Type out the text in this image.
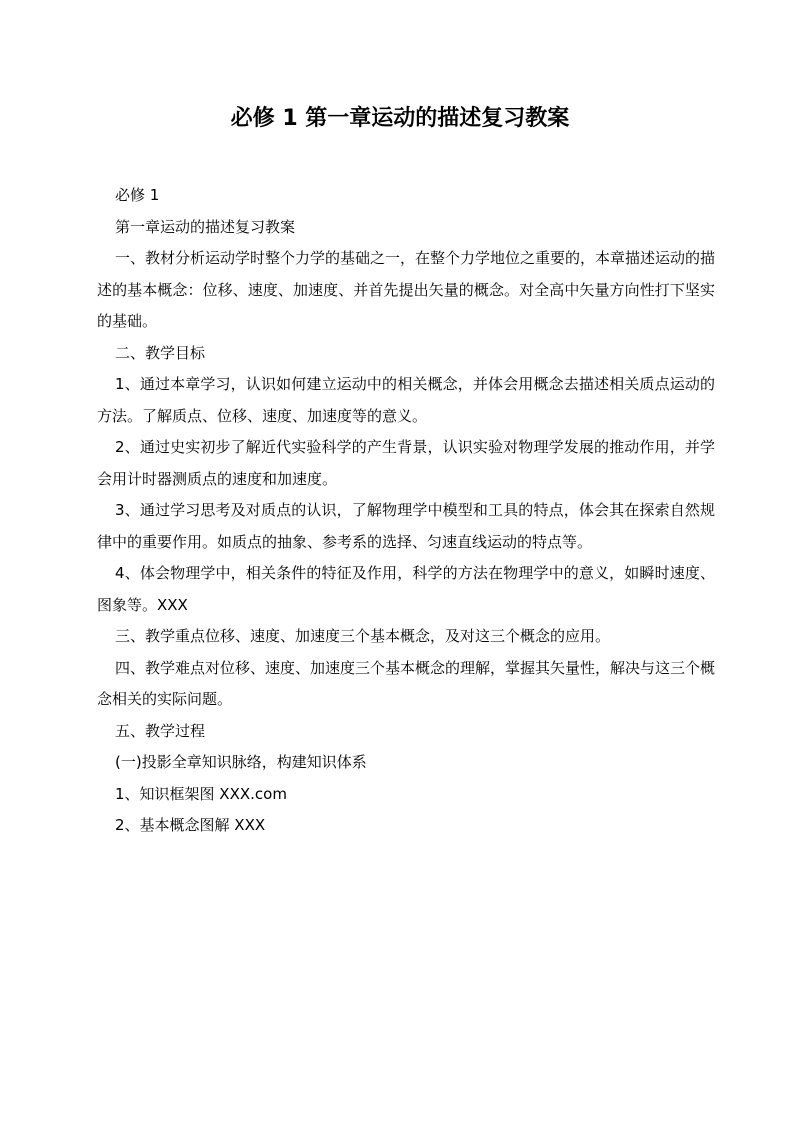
必修 1 第一章运动的描述复习教案

必修 1

第一章运动的描述复习教案

一、教材分析运动学时整个力学的基础之一，在整个力学地位之重要的，本章描述运动的描述的基本概念：位移、速度、加速度、并首先提出矢量的概念。对全高中矢量方向性打下坚实的基础。

二、教学目标

1、通过本章学习，认识如何建立运动中的相关概念，并体会用概念去描述相关质点运动的方法。了解质点、位移、速度、加速度等的意义。

2、通过史实初步了解近代实验科学的产生背景，认识实验对物理学发展的推动作用，并学会用计时器测质点的速度和加速度。

3、通过学习思考及对质点的认识，了解物理学中模型和工具的特点，体会其在探索自然规律中的重要作用。如质点的抽象、参考系的选择、匀速直线运动的特点等。

4、体会物理学中，相关条件的特征及作用，科学的方法在物理学中的意义，如瞬时速度、图象等。XXX

三、教学重点位移、速度、加速度三个基本概念，及对这三个概念的应用。

四、教学难点对位移、速度、加速度三个基本概念的理解，掌握其矢量性，解决与这三个概念相关的实际问题。

五、教学过程

(一)投影全章知识脉络，构建知识体系

1、知识框架图 XXX.com

2、基本概念图解 XXX
